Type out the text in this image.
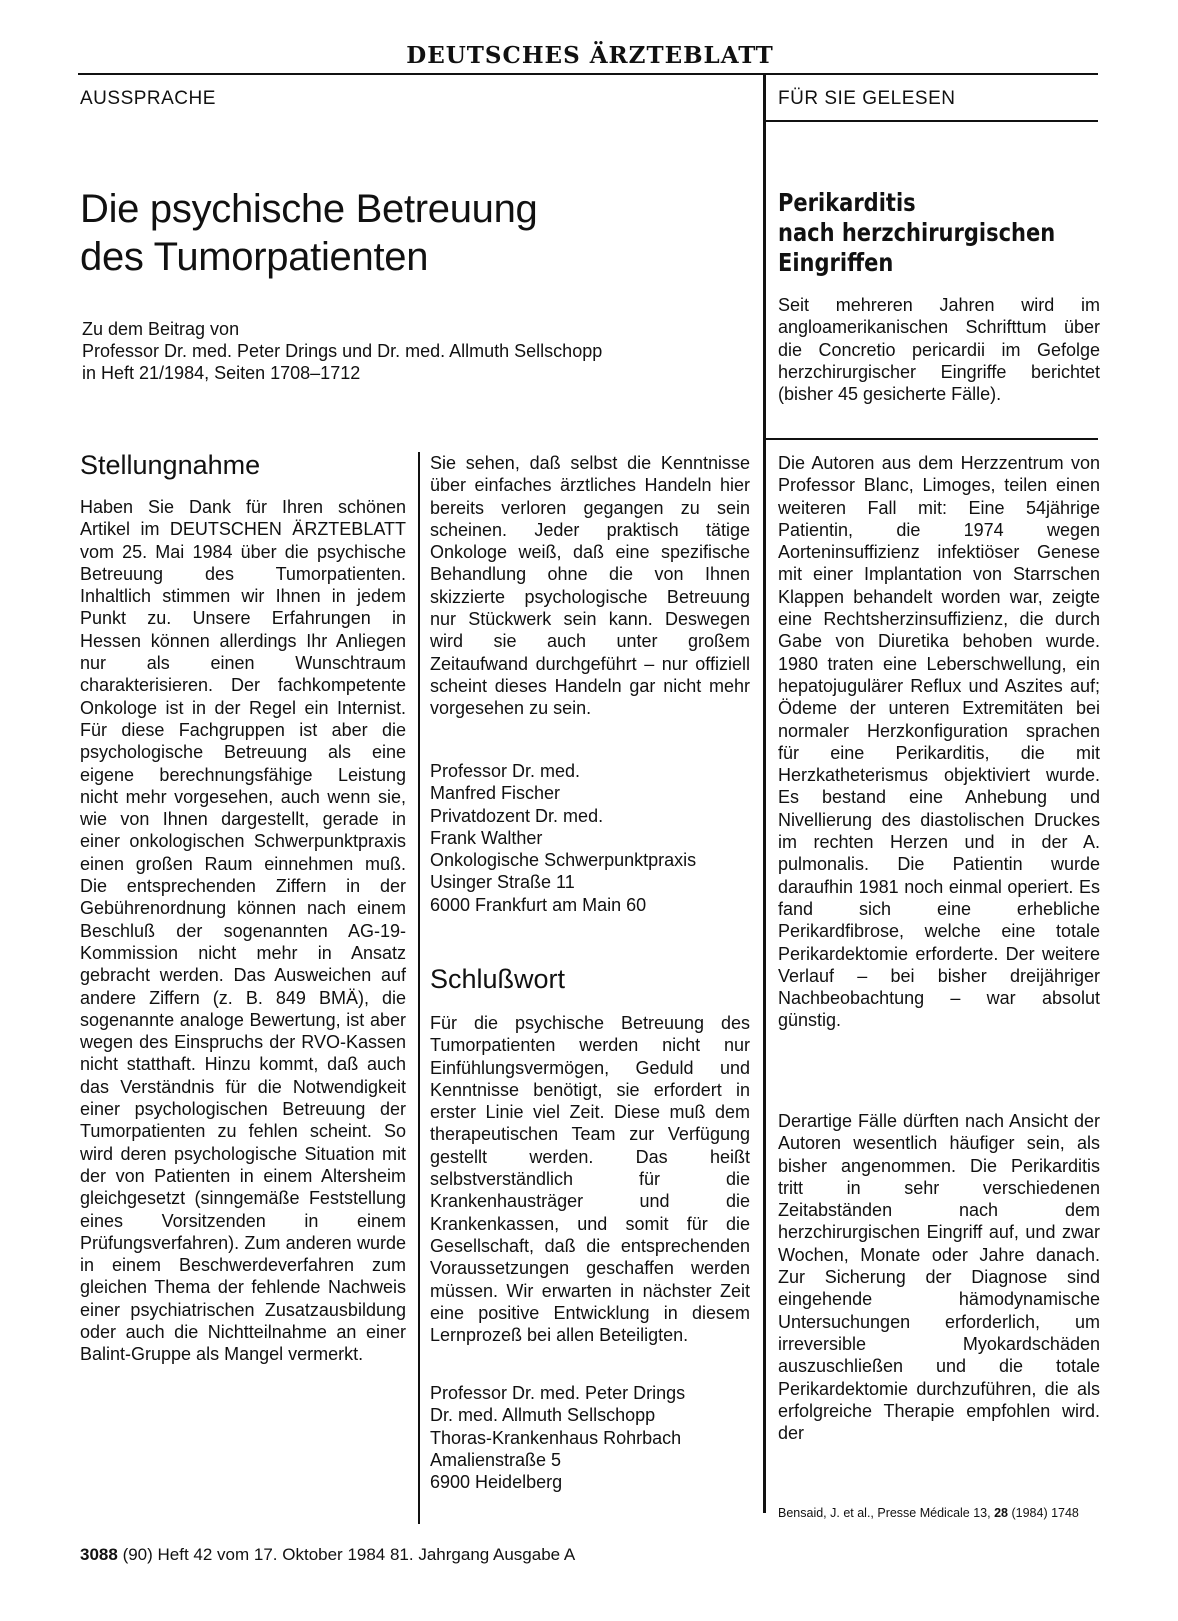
DEUTSCHES ÄRZTEBLATT
AUSSPRACHE	FÜR SIE GELESEN
Die psychische Betreuung
des Tumorpatienten
Zu dem Beitrag von
Professor Dr. med. Peter Drings und Dr. med. Allmuth Sellschopp
in Heft 21/1984, Seiten 1708–1712
Stellungnahme

Haben Sie Dank für Ihren schönen Artikel im DEUTSCHEN ÄRZTEBLATT vom 25. Mai 1984 über die psychische Betreuung des Tumorpatienten. Inhaltlich stimmen wir Ihnen in jedem Punkt zu. Unsere Erfahrungen in Hessen können allerdings Ihr Anliegen nur als einen Wunschtraum charakterisieren. Der fachkompetente Onkologe ist in der Regel ein Internist. Für diese Fachgruppen ist aber die psychologische Betreuung als eine eigene berechnungsfähige Leistung nicht mehr vorgesehen, auch wenn sie, wie von Ihnen dargestellt, gerade in einer onkologischen Schwerpunktpraxis einen großen Raum einnehmen muß. Die entsprechenden Ziffern in der Gebührenordnung können nach einem Beschluß der sogenannten AG-19-Kommission nicht mehr in Ansatz gebracht werden. Das Ausweichen auf andere Ziffern (z. B. 849 BMÄ), die sogenannte analoge Bewertung, ist aber wegen des Einspruchs der RVO-Kassen nicht statthaft. Hinzu kommt, daß auch das Verständnis für die Notwendigkeit einer psychologischen Betreuung der Tumorpatienten zu fehlen scheint. So wird deren psychologische Situation mit der von Patienten in einem Altersheim gleichgesetzt (sinngemäße Feststellung eines Vorsitzenden in einem Prüfungsverfahren). Zum anderen wurde in einem Beschwerdeverfahren zum gleichen Thema der fehlende Nachweis einer psychiatrischen Zusatzausbildung oder auch die Nichtteilnahme an einer Balint-Gruppe als Mangel vermerkt.

Sie sehen, daß selbst die Kenntnisse über einfaches ärztliches Handeln hier bereits verloren gegangen zu sein scheinen. Jeder praktisch tätige Onkologe weiß, daß eine spezifische Behandlung ohne die von Ihnen skizzierte psychologische Betreuung nur Stückwerk sein kann. Deswegen wird sie auch unter großem Zeitaufwand durchgeführt – nur offiziell scheint dieses Handeln gar nicht mehr vorgesehen zu sein.

Professor Dr. med.
Manfred Fischer
Privatdozent Dr. med.
Frank Walther
Onkologische Schwerpunktpraxis
Usinger Straße 11
6000 Frankfurt am Main 60
Schlußwort

Für die psychische Betreuung des Tumorpatienten werden nicht nur Einfühlungsvermögen, Geduld und Kenntnisse benötigt, sie erfordert in erster Linie viel Zeit. Diese muß dem therapeutischen Team zur Verfügung gestellt werden. Das heißt selbstverständlich für die Krankenhausträger und die Krankenkassen, und somit für die Gesellschaft, daß die entsprechenden Voraussetzungen geschaffen werden müssen. Wir erwarten in nächster Zeit eine positive Entwicklung in diesem Lernprozeß bei allen Beteiligten.

Professor Dr. med. Peter Drings
Dr. med. Allmuth Sellschopp
Thoras-Krankenhaus Rohrbach
Amalienstraße 5
6900 Heidelberg
Perikarditis
nach herzchirurgischen
Eingriffen

Seit mehreren Jahren wird im angloamerikanischen Schrifttum über die Concretio pericardii im Gefolge herzchirurgischer Eingriffe berichtet (bisher 45 gesicherte Fälle).

Die Autoren aus dem Herzzentrum von Professor Blanc, Limoges, teilen einen weiteren Fall mit: Eine 54jährige Patientin, die 1974 wegen Aorteninsuffizienz infektiöser Genese mit einer Implantation von Starrschen Klappen behandelt worden war, zeigte eine Rechtsherzinsuffizienz, die durch Gabe von Diuretika behoben wurde. 1980 traten eine Leberschwellung, ein hepatojugulärer Reflux und Aszites auf; Ödeme der unteren Extremitäten bei normaler Herzkonfiguration sprachen für eine Perikarditis, die mit Herzkatheterismus objektiviert wurde. Es bestand eine Anhebung und Nivellierung des diastolischen Druckes im rechten Herzen und in der A. pulmonalis. Die Patientin wurde daraufhin 1981 noch einmal operiert. Es fand sich eine erhebliche Perikardfibrose, welche eine totale Perikardektomie erforderte. Der weitere Verlauf – bei bisher dreijähriger Nachbeobachtung – war absolut günstig.

Derartige Fälle dürften nach Ansicht der Autoren wesentlich häufiger sein, als bisher angenommen. Die Perikarditis tritt in sehr verschiedenen Zeitabständen nach dem herzchirurgischen Eingriff auf, und zwar Wochen, Monate oder Jahre danach. Zur Sicherung der Diagnose sind eingehende hämodynamische Untersuchungen erforderlich, um irreversible Myokardschäden auszuschließen und die totale Perikardektomie durchzuführen, die als erfolgreiche Therapie empfohlen wird. der

Bensaid, J. et al., Presse Médicale 13, 28 (1984) 1748
3088 (90) Heft 42 vom 17. Oktober 1984 81. Jahrgang Ausgabe A
